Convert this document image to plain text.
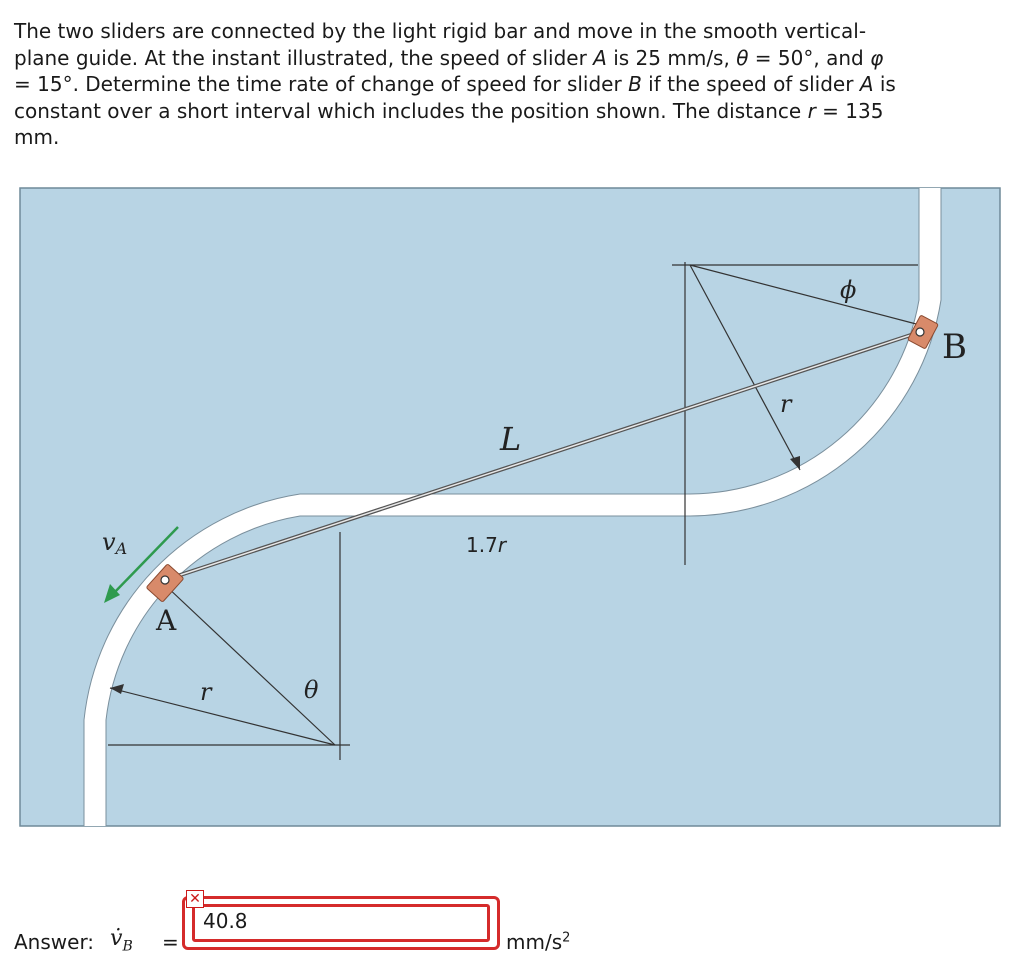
The two sliders are connected by the light rigid bar and move in the smooth vertical-
plane guide. At the instant illustrated, the speed of slider A is 25 mm/s, θ = 50°, and φ
= 15°. Determine the time rate of change of speed for slider B if the speed of slider A is
constant over a short interval which includes the position shown. The distance r = 135
mm.
B
A
vA
L
r
r
ϕ
θ
1.7r
Answer: $v̇_B$ =
40.8
✕
$mm/s^2$
